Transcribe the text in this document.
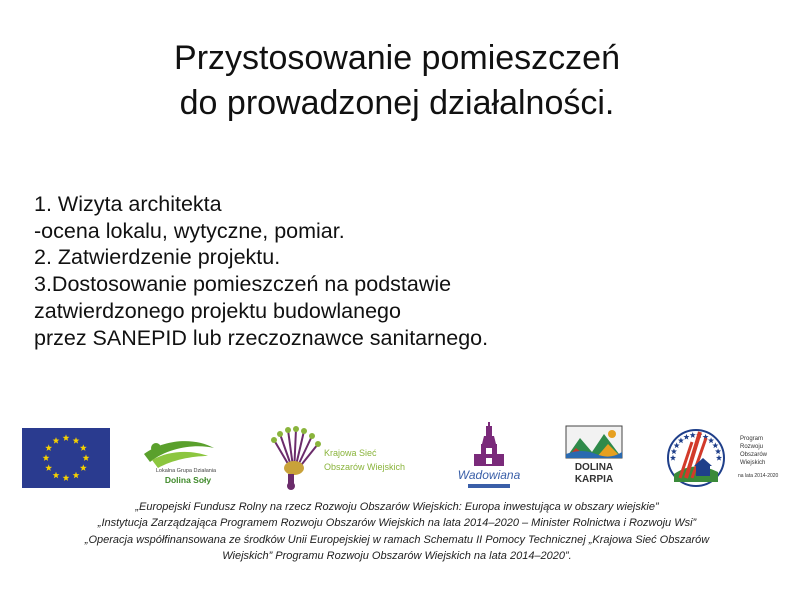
Przystosowanie pomieszczeń
do prowadzonej działalności.
1. Wizyta architekta
-ocena lokalu, wytyczne, pomiar.
2. Zatwierdzenie projektu.
3.Dostosowanie pomieszczeń na podstawie
zatwierdzonego projektu budowlanego
przez SANEPID lub rzeczoznawce sanitarnego.
Lokalna Grupa Działania
Dolina Soły
Krajowa Sieć
Obszarów Wiejskich
Wadowiana
DOLINA
KARPIA
Program
Rozwoju
Obszarów
Wiejskich
na lata 2014-2020
„Europejski Fundusz Rolny na rzecz Rozwoju Obszarów Wiejskich: Europa inwestująca w obszary wiejskie”
„Instytucja Zarządzająca Programem Rozwoju Obszarów Wiejskich na lata 2014–2020 – Minister Rolnictwa i Rozwoju Wsi”
„Operacja współfinansowana ze środków Unii Europejskiej w ramach Schematu II Pomocy Technicznej „Krajowa Sieć Obszarów
Wiejskich” Programu Rozwoju Obszarów Wiejskich na lata 2014–2020”.
